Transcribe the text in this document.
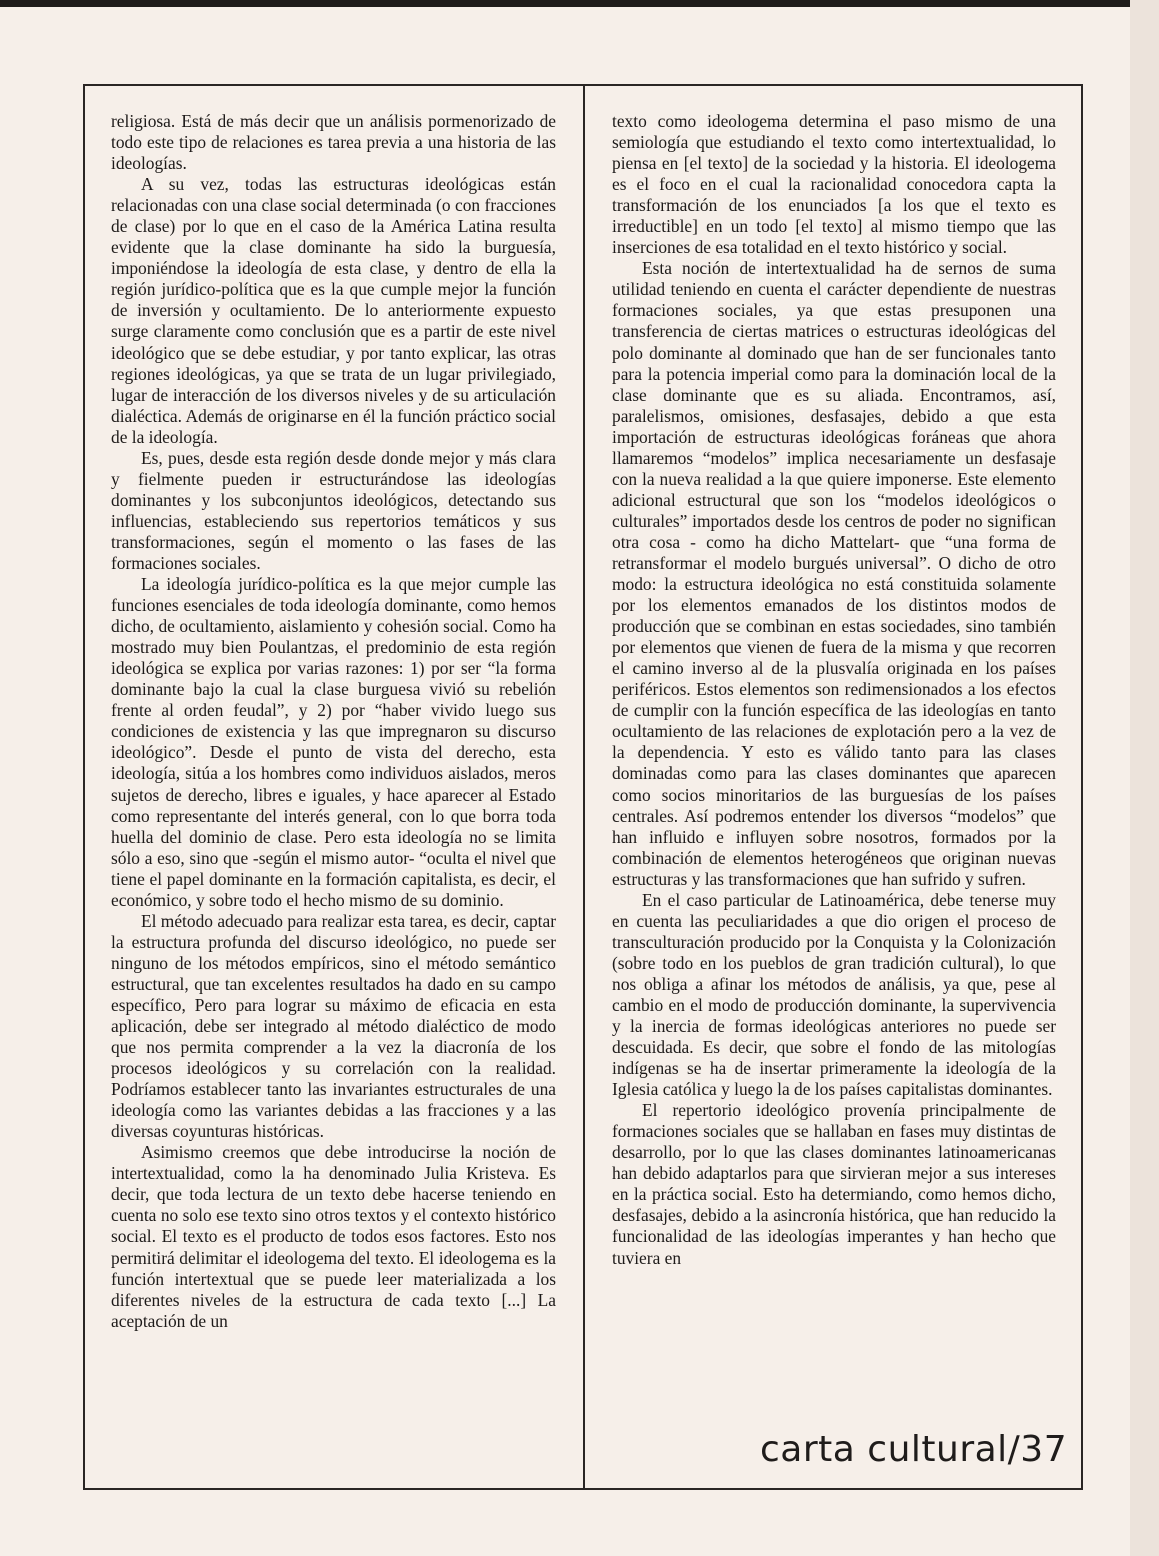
religiosa. Está de más decir que un análisis pormenorizado de todo este tipo de relaciones es tarea previa a una historia de las ideologías.

A su vez, todas las estructuras ideológicas están relacionadas con una clase social determinada (o con fracciones de clase) por lo que en el caso de la América Latina resulta evidente que la clase dominante ha sido la burguesía, imponiéndose la ideología de esta clase, y dentro de ella la región jurídico-política que es la que cumple mejor la función de inversión y ocultamiento. De lo anteriormente expuesto surge claramente como conclusión que es a partir de este nivel ideológico que se debe estudiar, y por tanto explicar, las otras regiones ideológicas, ya que se trata de un lugar privilegiado, lugar de interacción de los diversos niveles y de su articulación dialéctica. Además de originarse en él la función práctico social de la ideología.

Es, pues, desde esta región desde donde mejor y más clara y fielmente pueden ir estructurándose las ideologías dominantes y los subconjuntos ideológicos, detectando sus influencias, estableciendo sus repertorios temáticos y sus transformaciones, según el momento o las fases de las formaciones sociales.

La ideología jurídico-política es la que mejor cumple las funciones esenciales de toda ideología dominante, como hemos dicho, de ocultamiento, aislamiento y cohesión social. Como ha mostrado muy bien Poulantzas, el predominio de esta región ideológica se explica por varias razones: 1) por ser “la forma dominante bajo la cual la clase burguesa vivió su rebelión frente al orden feudal”, y 2) por “haber vivido luego sus condiciones de existencia y las que impregnaron su discurso ideológico”. Desde el punto de vista del derecho, esta ideología, sitúa a los hombres como individuos aislados, meros sujetos de derecho, libres e iguales, y hace aparecer al Estado como representante del interés general, con lo que borra toda huella del dominio de clase. Pero esta ideología no se limita sólo a eso, sino que -según el mismo autor- “oculta el nivel que tiene el papel dominante en la formación capitalista, es decir, el económico, y sobre todo el hecho mismo de su dominio.

El método adecuado para realizar esta tarea, es decir, captar la estructura profunda del discurso ideológico, no puede ser ninguno de los métodos empíricos, sino el método semántico estructural, que tan excelentes resultados ha dado en su campo específico, Pero para lograr su máximo de eficacia en esta aplicación, debe ser integrado al método dialéctico de modo que nos permita comprender a la vez la diacronía de los procesos ideológicos y su correlación con la realidad. Podríamos establecer tanto las invariantes estructurales de una ideología como las variantes debidas a las fracciones y a las diversas coyunturas históricas.

Asimismo creemos que debe introducirse la noción de intertextualidad, como la ha denominado Julia Kristeva. Es decir, que toda lectura de un texto debe hacerse teniendo en cuenta no solo ese texto sino otros textos y el contexto histórico social. El texto es el producto de todos esos factores. Esto nos permitirá delimitar el ideologema del texto. El ideologema es la función intertextual que se puede leer materializada a los diferentes niveles de la estructura de cada texto [...] La aceptación de un

texto como ideologema determina el paso mismo de una semiología que estudiando el texto como intertextualidad, lo piensa en [el texto] de la sociedad y la historia. El ideologema es el foco en el cual la racionalidad conocedora capta la transformación de los enunciados [a los que el texto es irreductible] en un todo [el texto] al mismo tiempo que las inserciones de esa totalidad en el texto histórico y social.

Esta noción de intertextualidad ha de sernos de suma utilidad teniendo en cuenta el carácter dependiente de nuestras formaciones sociales, ya que estas presuponen una transferencia de ciertas matrices o estructuras ideológicas del polo dominante al dominado que han de ser funcionales tanto para la potencia imperial como para la dominación local de la clase dominante que es su aliada. Encontramos, así, paralelismos, omisiones, desfasajes, debido a que esta importación de estructuras ideológicas foráneas que ahora llamaremos “modelos” implica necesariamente un desfasaje con la nueva realidad a la que quiere imponerse. Este elemento adicional estructural que son los “modelos ideológicos o culturales” importados desde los centros de poder no significan otra cosa - como ha dicho Mattelart- que “una forma de retransformar el modelo burgués universal”. O dicho de otro modo: la estructura ideológica no está constituida solamente por los elementos emanados de los distintos modos de producción que se combinan en estas sociedades, sino también por elementos que vienen de fuera de la misma y que recorren el camino inverso al de la plusvalía originada en los países periféricos. Estos elementos son redimensionados a los efectos de cumplir con la función específica de las ideologías en tanto ocultamiento de las relaciones de explotación pero a la vez de la dependencia. Y esto es válido tanto para las clases dominadas como para las clases dominantes que aparecen como socios minoritarios de las burguesías de los países centrales. Así podremos entender los diversos “modelos” que han influido e influyen sobre nosotros, formados por la combinación de elementos heterogéneos que originan nuevas estructuras y las transformaciones que han sufrido y sufren.

En el caso particular de Latinoamérica, debe tenerse muy en cuenta las peculiaridades a que dio origen el proceso de transculturación producido por la Conquista y la Colonización (sobre todo en los pueblos de gran tradición cultural), lo que nos obliga a afinar los métodos de análisis, ya que, pese al cambio en el modo de producción dominante, la supervivencia y la inercia de formas ideológicas anteriores no puede ser descuidada. Es decir, que sobre el fondo de las mitologías indígenas se ha de insertar primeramente la ideología de la Iglesia católica y luego la de los países capitalistas dominantes.

El repertorio ideológico provenía principalmente de formaciones sociales que se hallaban en fases muy distintas de desarrollo, por lo que las clases dominantes latinoamericanas han debido adaptarlos para que sirvieran mejor a sus intereses en la práctica social. Esto ha determiando, como hemos dicho, desfasajes, debido a la asincronía histórica, que han reducido la funcionalidad de las ideologías imperantes y han hecho que tuviera en

carta cultural/37
